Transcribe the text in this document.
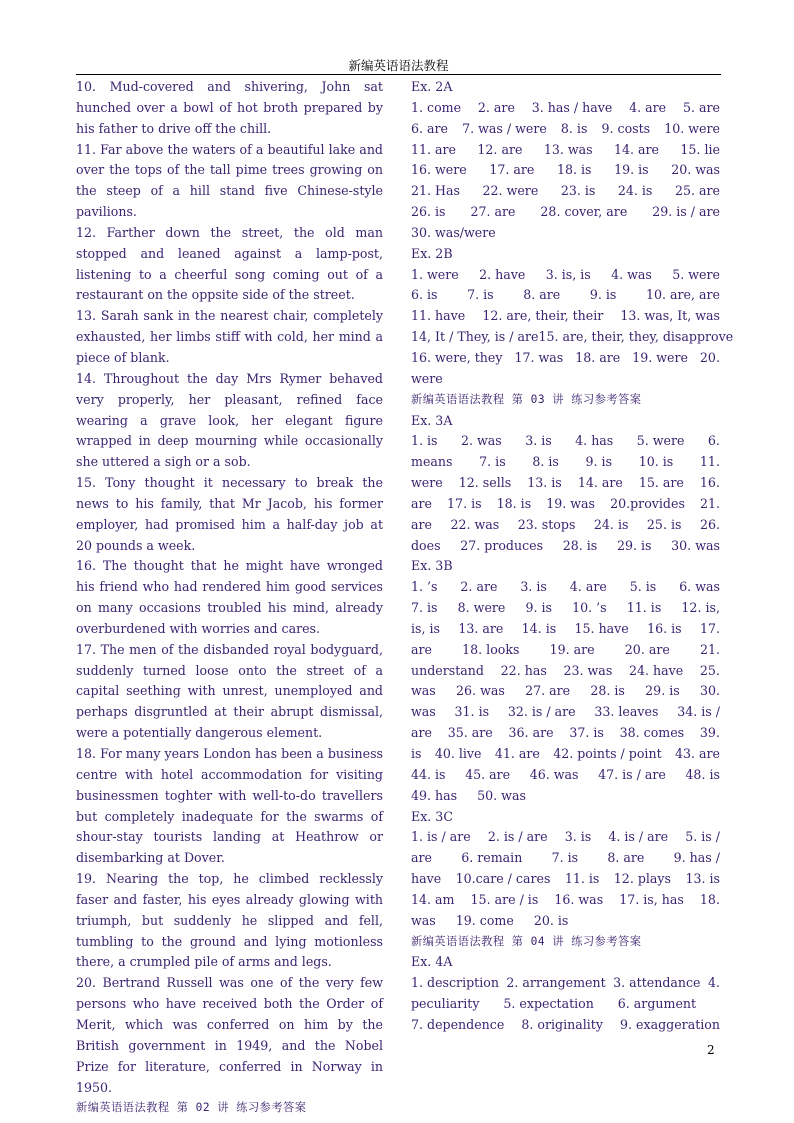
新编英语语法教程

10. Mud-covered and shivering, John sat hunched over a bowl of hot broth prepared by his father to drive off the chill.

11. Far above the waters of a beautiful lake and over the tops of the tall pime trees growing on the steep of a hill stand five Chinese-style pavilions.

12. Farther down the street, the old man stopped and leaned against a lamp-post, listening to a cheerful song coming out of a restaurant on the oppsite side of the street.

13. Sarah sank in the nearest chair, completely exhausted, her limbs stiff with cold, her mind a piece of blank.

14. Throughout the day Mrs Rymer behaved very properly, her pleasant, refined face wearing a grave look, her elegant figure wrapped in deep mourning while occasionally she uttered a sigh or a sob.

15. Tony thought it necessary to break the news to his family, that Mr Jacob, his former employer, had promised him a half-day job at 20 pounds a week.

16. The thought that he might have wronged his friend who had rendered him good services on many occasions troubled his mind, already overburdened with worries and cares.

17. The men of the disbanded royal bodyguard, suddenly turned loose onto the street of a capital seething with unrest, unemployed and perhaps disgruntled at their abrupt dismissal, were a potentially dangerous element.

18. For many years London has been a business centre with hotel accommodation for visiting businessmen toghter with well-to-do travellers but completely inadequate for the swarms of shour-stay tourists landing at Heathrow or disembarking at Dover.

19. Nearing the top, he climbed recklessly faser and faster, his eyes already glowing with triumph, but suddenly he slipped and fell, tumbling to the ground and lying motionless there, a crumpled pile of arms and legs.

20. Bertrand Russell was one of the very few persons who have received both the Order of Merit, which was conferred on him by the British government in 1949, and the Nobel Prize for literature, conferred in Norway in 1950.

新编英语语法教程 第 02 讲 练习参考答案
Ex. 2A
1. come 2. are 3. has / have 4. are 5. are
6. are 7. was / were 8. is 9. costs 10. were
11. are 12. are 13. was 14. are 15. lie
16. were 17. are 18. is 19. is 20. was
21. Has 22. were 23. is 24. is 25. are
26. is 27. are 28. cover, are 29. is / are
30. was/were
Ex. 2B
1. were 2. have 3. is, is 4. was 5. were
6. is 7. is 8. are 9. is 10. are, are
11. have 12. are, their, their 13. was, It, was
14, It / They, is / are 15. are, their, they, disapprove
16. were, they 17. was 18. are 19. were 20.
were
新编英语语法教程 第 03 讲 练习参考答案
Ex. 3A
1. is 2. was 3. is 4. has 5. were 6.
means 7. is 8. is 9. is 10. is 11.
were 12. sells 13. is 14. are 15. are 16.
are 17. is 18. is 19. was 20.provides 21.
are 22. was 23. stops 24. is 25. is 26.
does 27. produces 28. is 29. is 30. was
Ex. 3B
1. ’s 2. are 3. is 4. are 5. is 6. was
7. is 8. were 9. is 10. ’s 11. is 12. is,
is, is 13. are 14. is 15. have 16. is 17.
are 18. looks 19. are 20. are 21.
understand 22. has 23. was 24. have 25.
was 26. was 27. are 28. is 29. is 30.
was 31. is 32. is / are 33. leaves 34. is /
are 35. are 36. are 37. is 38. comes 39.
is 40. live 41. are 42. points / point 43. are
44. is 45. are 46. was 47. is / are 48. is
49. has     50. was
Ex. 3C
1. is / are 2. is / are 3. is 4. is / are 5. is /
are 6. remain 7. is 8. are 9. has /
have 10.care / cares 11. is 12. plays 13. is
14. am 15. are / is 16. was 17. is, has 18.
was     19. come     20. is
新编英语语法教程 第 04 讲 练习参考答案
Ex. 4A
1. description 2. arrangement 3. attendance 4.
peculiarity 5. expectation 6. argument
7. dependence 8. originality 9. exaggeration
2
